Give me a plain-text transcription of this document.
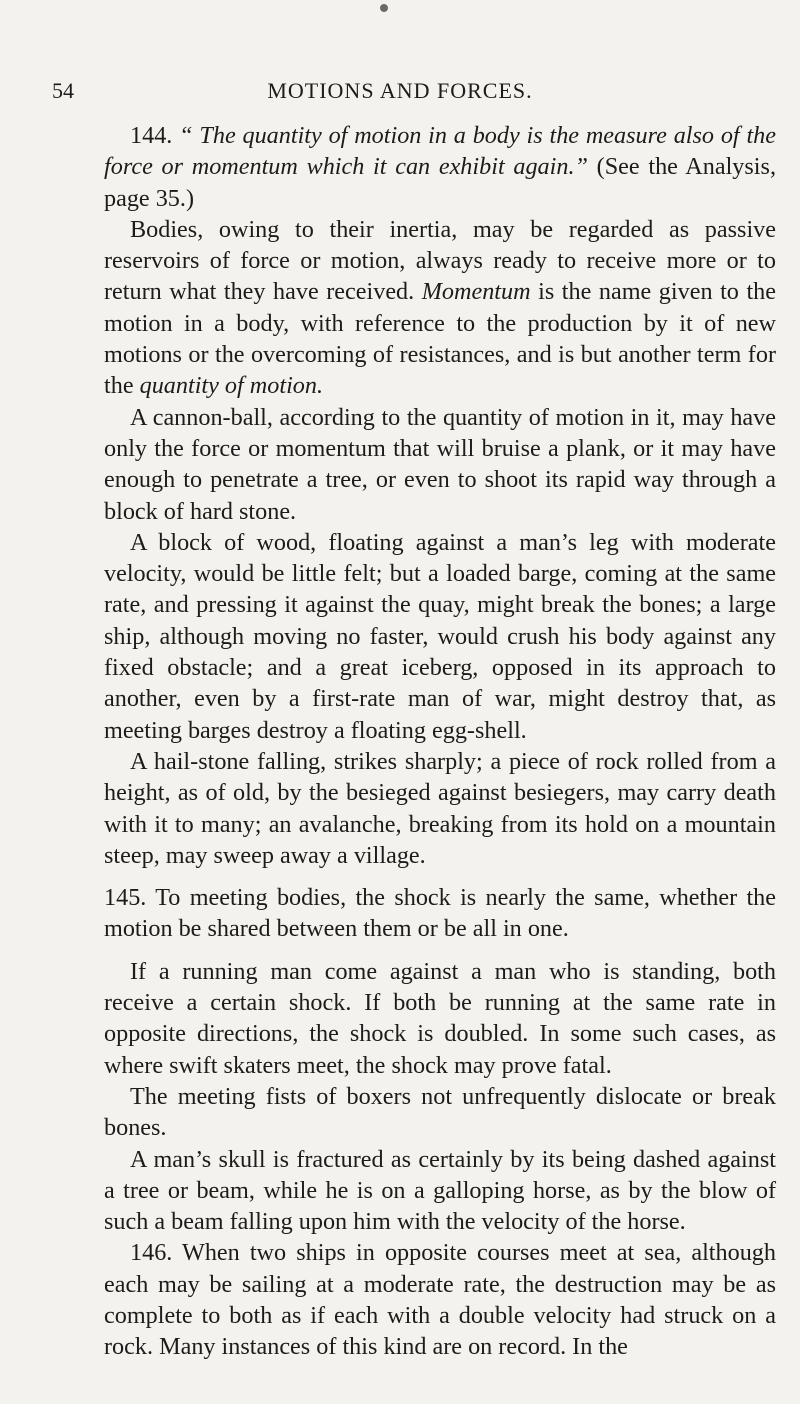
54	MOTIONS AND FORCES.

144. “ The quantity of motion in a body is the measure also of the force or momentum which it can exhibit again.” (See the Analysis, page 35.)

Bodies, owing to their inertia, may be regarded as passive reservoirs of force or motion, always ready to receive more or to return what they have received. Momentum is the name given to the motion in a body, with reference to the production by it of new motions or the overcoming of resistances, and is but another term for the quantity of motion.

A cannon-ball, according to the quantity of motion in it, may have only the force or momentum that will bruise a plank, or it may have enough to penetrate a tree, or even to shoot its rapid way through a block of hard stone.

A block of wood, floating against a man’s leg with moderate velocity, would be little felt; but a loaded barge, coming at the same rate, and pressing it against the quay, might break the bones; a large ship, although moving no faster, would crush his body against any fixed obstacle; and a great iceberg, opposed in its approach to another, even by a first-rate man of war, might destroy that, as meeting barges destroy a floating egg-shell.

A hail-stone falling, strikes sharply; a piece of rock rolled from a height, as of old, by the besieged against besiegers, may carry death with it to many; an avalanche, breaking from its hold on a mountain steep, may sweep away a village.

145. To meeting bodies, the shock is nearly the same, whether the motion be shared between them or be all in one.

If a running man come against a man who is standing, both receive a certain shock. If both be running at the same rate in opposite directions, the shock is doubled. In some such cases, as where swift skaters meet, the shock may prove fatal.

The meeting fists of boxers not unfrequently dislocate or break bones.

A man’s skull is fractured as certainly by its being dashed against a tree or beam, while he is on a galloping horse, as by the blow of such a beam falling upon him with the velocity of the horse.

146. When two ships in opposite courses meet at sea, although each may be sailing at a moderate rate, the destruction may be as complete to both as if each with a double velocity had struck on a rock. Many instances of this kind are on record. In the
